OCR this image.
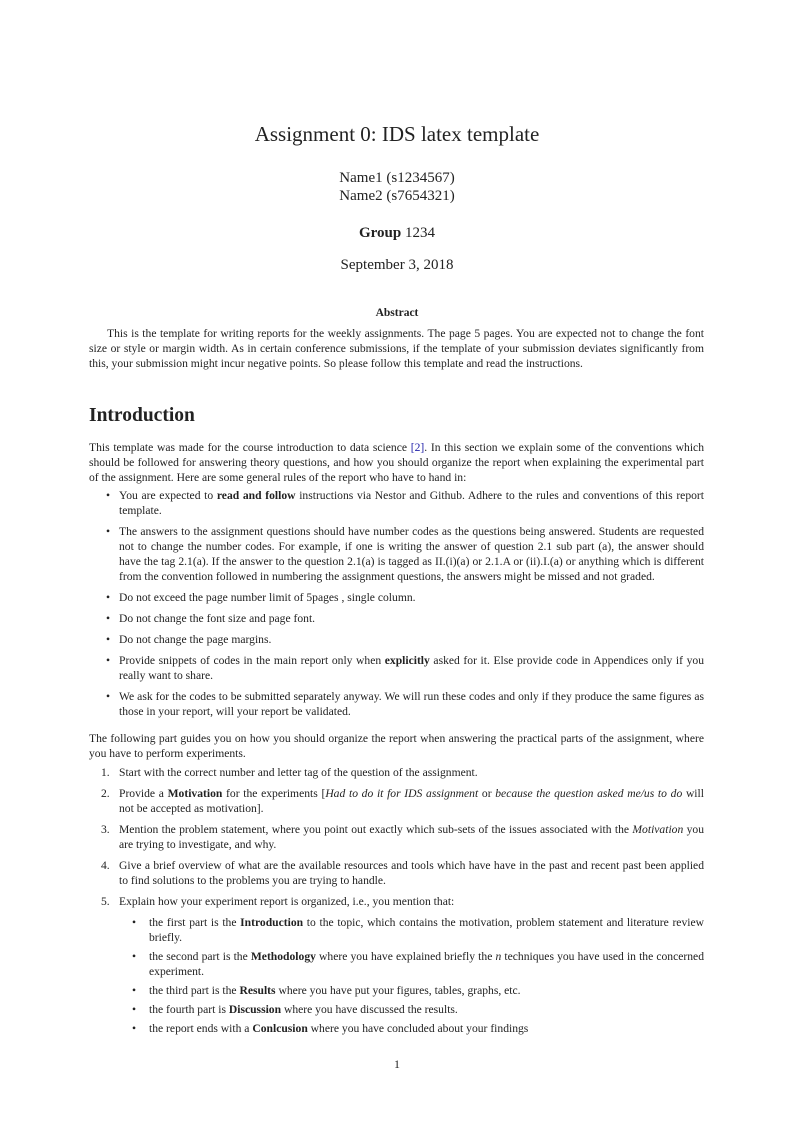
Assignment 0: IDS latex template
Name1 (s1234567)
Name2 (s7654321)
Group 1234
September 3, 2018
Abstract
This is the template for writing reports for the weekly assignments. The page 5 pages. You are expected not to change the font size or style or margin width. As in certain conference submissions, if the template of your submission deviates significantly from this, your submission might incur negative points. So please follow this template and read the instructions.
Introduction
This template was made for the course introduction to data science [2]. In this section we explain some of the conventions which should be followed for answering theory questions, and how you should organize the report when explaining the experimental part of the assignment. Here are some general rules of the report who have to hand in:
• You are expected to read and follow instructions via Nestor and Github. Adhere to the rules and conventions of this report template.
• The answers to the assignment questions should have number codes as the questions being answered. Students are requested not to change the number codes. For example, if one is writing the answer of question 2.1 sub part (a), the answer should have the tag 2.1(a). If the answer to the question 2.1(a) is tagged as II.(i)(a) or 2.1.A or (ii).I.(a) or anything which is different from the convention followed in numbering the assignment questions, the answers might be missed and not graded.
• Do not exceed the page number limit of 5pages , single column.
• Do not change the font size and page font.
• Do not change the page margins.
• Provide snippets of codes in the main report only when explicitly asked for it. Else provide code in Appendices only if you really want to share.
• We ask for the codes to be submitted separately anyway. We will run these codes and only if they produce the same figures as those in your report, will your report be validated.
The following part guides you on how you should organize the report when answering the practical parts of the assignment, where you have to perform experiments.
1. Start with the correct number and letter tag of the question of the assignment.
2. Provide a Motivation for the experiments [Had to do it for IDS assignment or because the question asked me/us to do will not be accepted as motivation].
3. Mention the problem statement, where you point out exactly which sub-sets of the issues associated with the Motivation you are trying to investigate, and why.
4. Give a brief overview of what are the available resources and tools which have have in the past and recent past been applied to find solutions to the problems you are trying to handle.
5. Explain how your experiment report is organized, i.e., you mention that:
• the first part is the Introduction to the topic, which contains the motivation, problem statement and literature review briefly.
• the second part is the Methodology where you have explained briefly the n techniques you have used in the concerned experiment.
• the third part is the Results where you have put your figures, tables, graphs, etc.
• the fourth part is Discussion where you have discussed the results.
• the report ends with a Conlcusion where you have concluded about your findings
1
